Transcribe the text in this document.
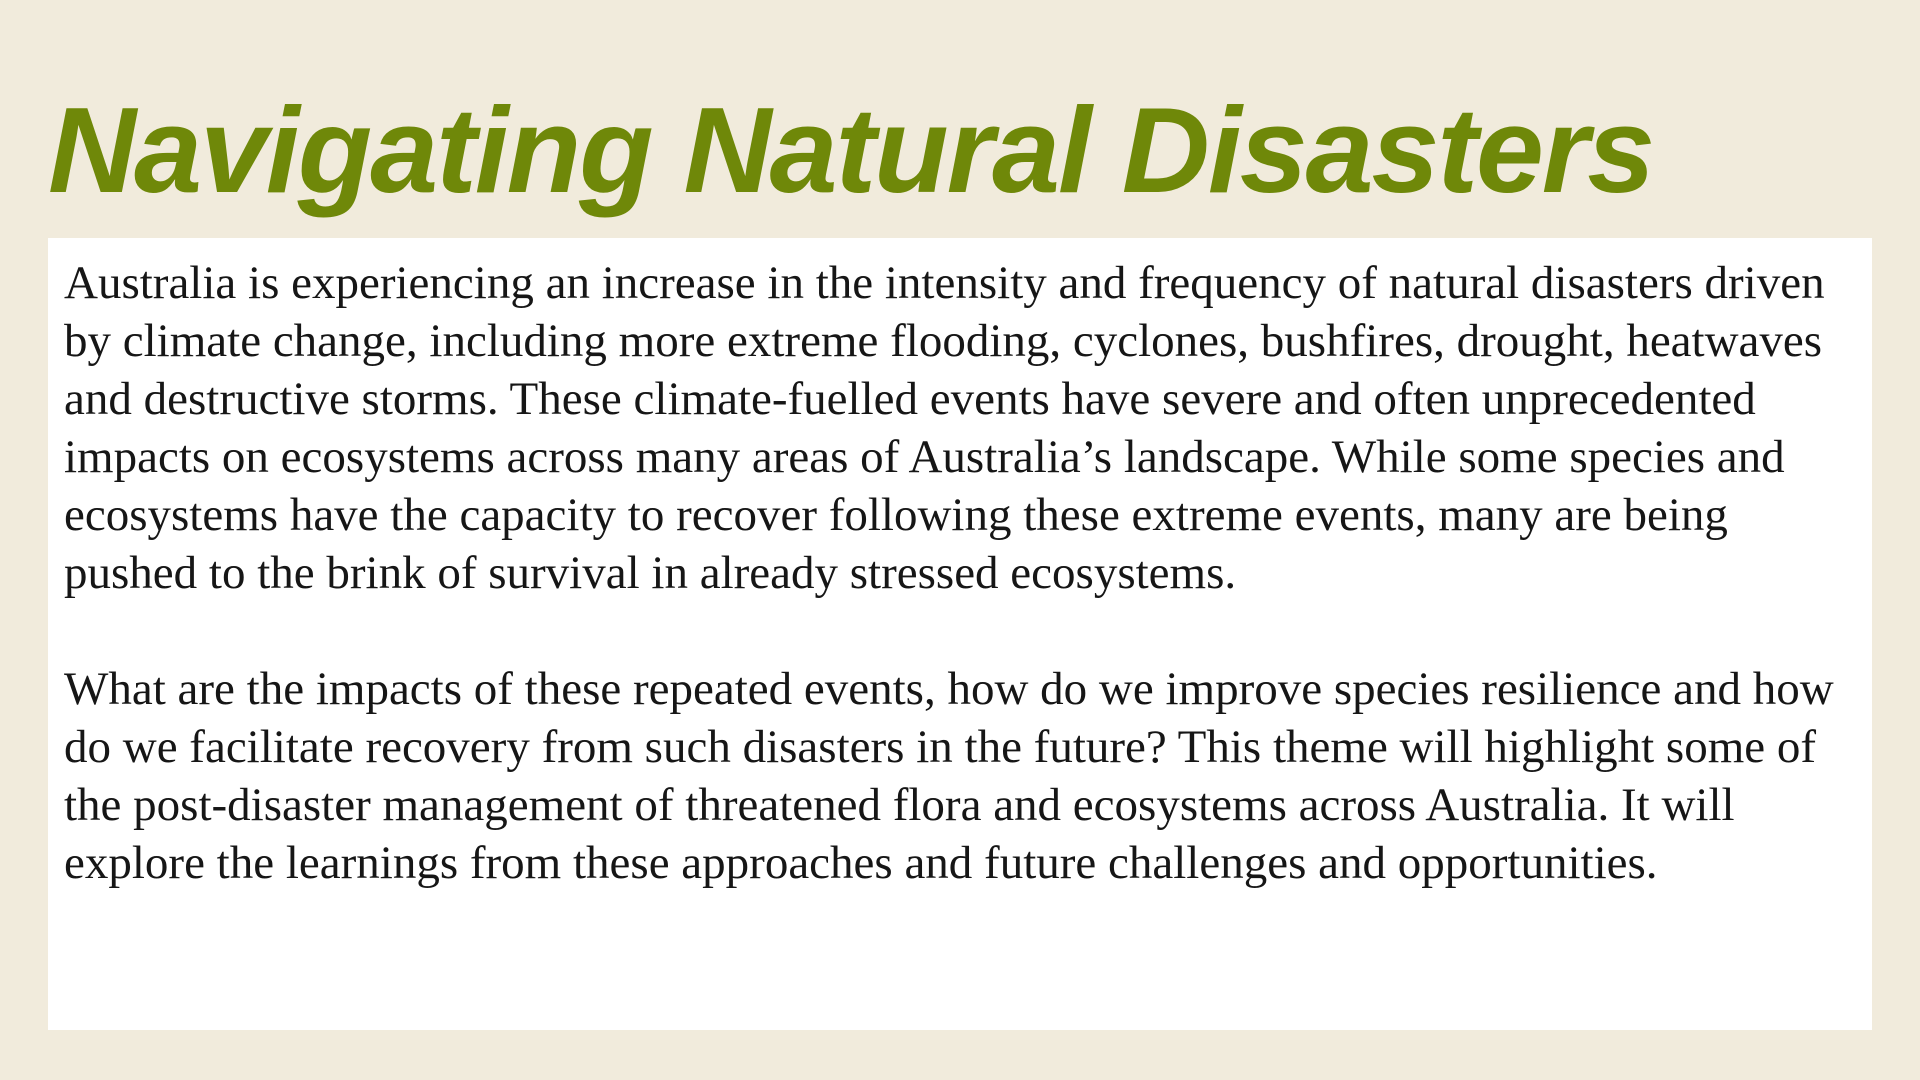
Navigating Natural Disasters

Australia is experiencing an increase in the intensity and frequency of natural disasters driven by climate change, including more extreme flooding, cyclones, bushfires, drought, heatwaves and destructive storms. These climate-fuelled events have severe and often unprecedented impacts on ecosystems across many areas of Australia’s landscape. While some species and ecosystems have the capacity to recover following these extreme events, many are being pushed to the brink of survival in already stressed ecosystems.

What are the impacts of these repeated events, how do we improve species resilience and how do we facilitate recovery from such disasters in the future? This theme will highlight some of the post-disaster management of threatened flora and ecosystems across Australia. It will explore the learnings from these approaches and future challenges and opportunities.
